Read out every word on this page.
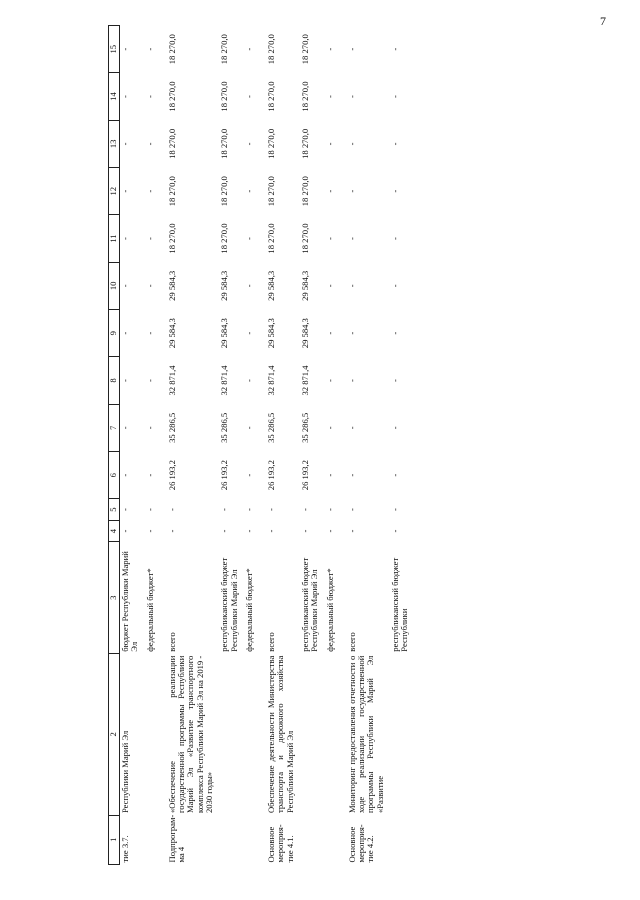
7
1	2	3	4	5	6	7	8	9	10	11	12	13	14	15
тие 3.7.	Республики Марий Эл	бюджет Республики Марий Эл	-	-	-	-	-	-	-	-	-	-	-	-
		федеральный бюджет*	-	-	-	-	-	-	-	-	-	-	-	-
Подпрограм-
ма 4	«Обеспечение реализации государственной программы Республики Марий Эл «Развитие транспортного комплекса Республики Марий Эл на 2019 - 2030 годы»	всего	-	-	26 193,2	35 286,5	32 871,4	29 584,3	29 584,3	18 270,0	18 270,0	18 270,0	18 270,0	18 270,0
		республиканский бюджет Республики Марий Эл	-	-	26 193,2	35 286,5	32 871,4	29 584,3	29 584,3	18 270,0	18 270,0	18 270,0	18 270,0	18 270,0
		федеральный бюджет*	-	-	-	-	-	-	-	-	-	-	-	-
Основное
мероприя-
тие 4.1.	Обеспечение деятельности Министерства транспорта и дорожного хозяйства Республики Марий Эл	всего	-	-	26 193,2	35 286,5	32 871,4	29 584,3	29 584,3	18 270,0	18 270,0	18 270,0	18 270,0	18 270,0
		республиканский бюджет Республики Марий Эл	-	-	26 193,2	35 286,5	32 871,4	29 584,3	29 584,3	18 270,0	18 270,0	18 270,0	18 270,0	18 270,0
		федеральный бюджет*	-	-	-	-	-	-	-	-	-	-	-	-
Основное
мероприя-
тие 4.2.	Мониторинг предоставления отчетности о ходе реализации государственной программы Республики Марий Эл «Развитие	всего	-	-	-	-	-	-	-	-	-	-	-	-
		республиканский бюджет Республики	-	-	-	-	-	-	-	-	-	-	-	-
